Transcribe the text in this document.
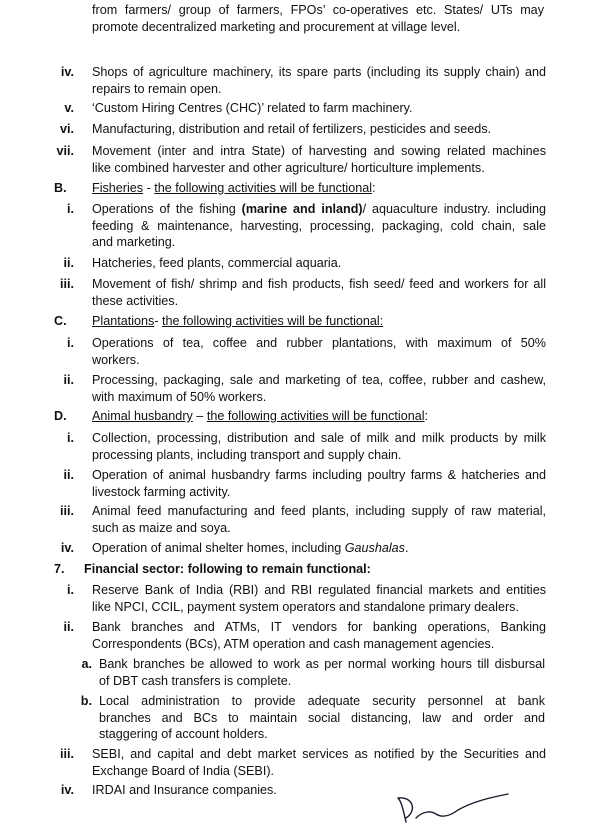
from farmers/ group of farmers, FPOs’ co-operatives etc. States/ UTs may
promote decentralized marketing and procurement at village level.
iv. Shops of agriculture machinery, its spare parts (including its supply chain) and
repairs to remain open.
v. ‘Custom Hiring Centres (CHC)’ related to farm machinery.
vi. Manufacturing, distribution and retail of fertilizers, pesticides and seeds.
vii. Movement (inter and intra State) of harvesting and sowing related machines
like combined harvester and other agriculture/ horticulture implements.
B.	Fisheries - the following activities will be functional:
i. Operations of the fishing (marine and inland)/ aquaculture industry. including
feeding & maintenance, harvesting, processing, packaging, cold chain, sale
and marketing.
ii. Hatcheries, feed plants, commercial aquaria.
iii. Movement of fish/ shrimp and fish products, fish seed/ feed and workers for all
these activities.
C.	Plantations- the following activities will be functional:
i. Operations of tea, coffee and rubber plantations, with maximum of 50%
workers.
ii. Processing, packaging, sale and marketing of tea, coffee, rubber and cashew,
with maximum of 50% workers.
D.	Animal husbandry – the following activities will be functional:
i. Collection, processing, distribution and sale of milk and milk products by milk
processing plants, including transport and supply chain.
ii. Operation of animal husbandry farms including poultry farms & hatcheries and
livestock farming activity.
iii. Animal feed manufacturing and feed plants, including supply of raw material,
such as maize and soya.
iv. Operation of animal shelter homes, including Gaushalas.
7.	Financial sector: following to remain functional:
i. Reserve Bank of India (RBI) and RBI regulated financial markets and entities
like NPCI, CCIL, payment system operators and standalone primary dealers.
ii. Bank branches and ATMs, IT vendors for banking operations, Banking
Correspondents (BCs), ATM operation and cash management agencies.
a. Bank branches be allowed to work as per normal working hours till disbursal
of DBT cash transfers is complete.
b. Local administration to provide adequate security personnel at bank
branches and BCs to maintain social distancing, law and order and
staggering of account holders.
iii. SEBI, and capital and debt market services as notified by the Securities and
Exchange Board of India (SEBI).
iv. IRDAI and Insurance companies.
